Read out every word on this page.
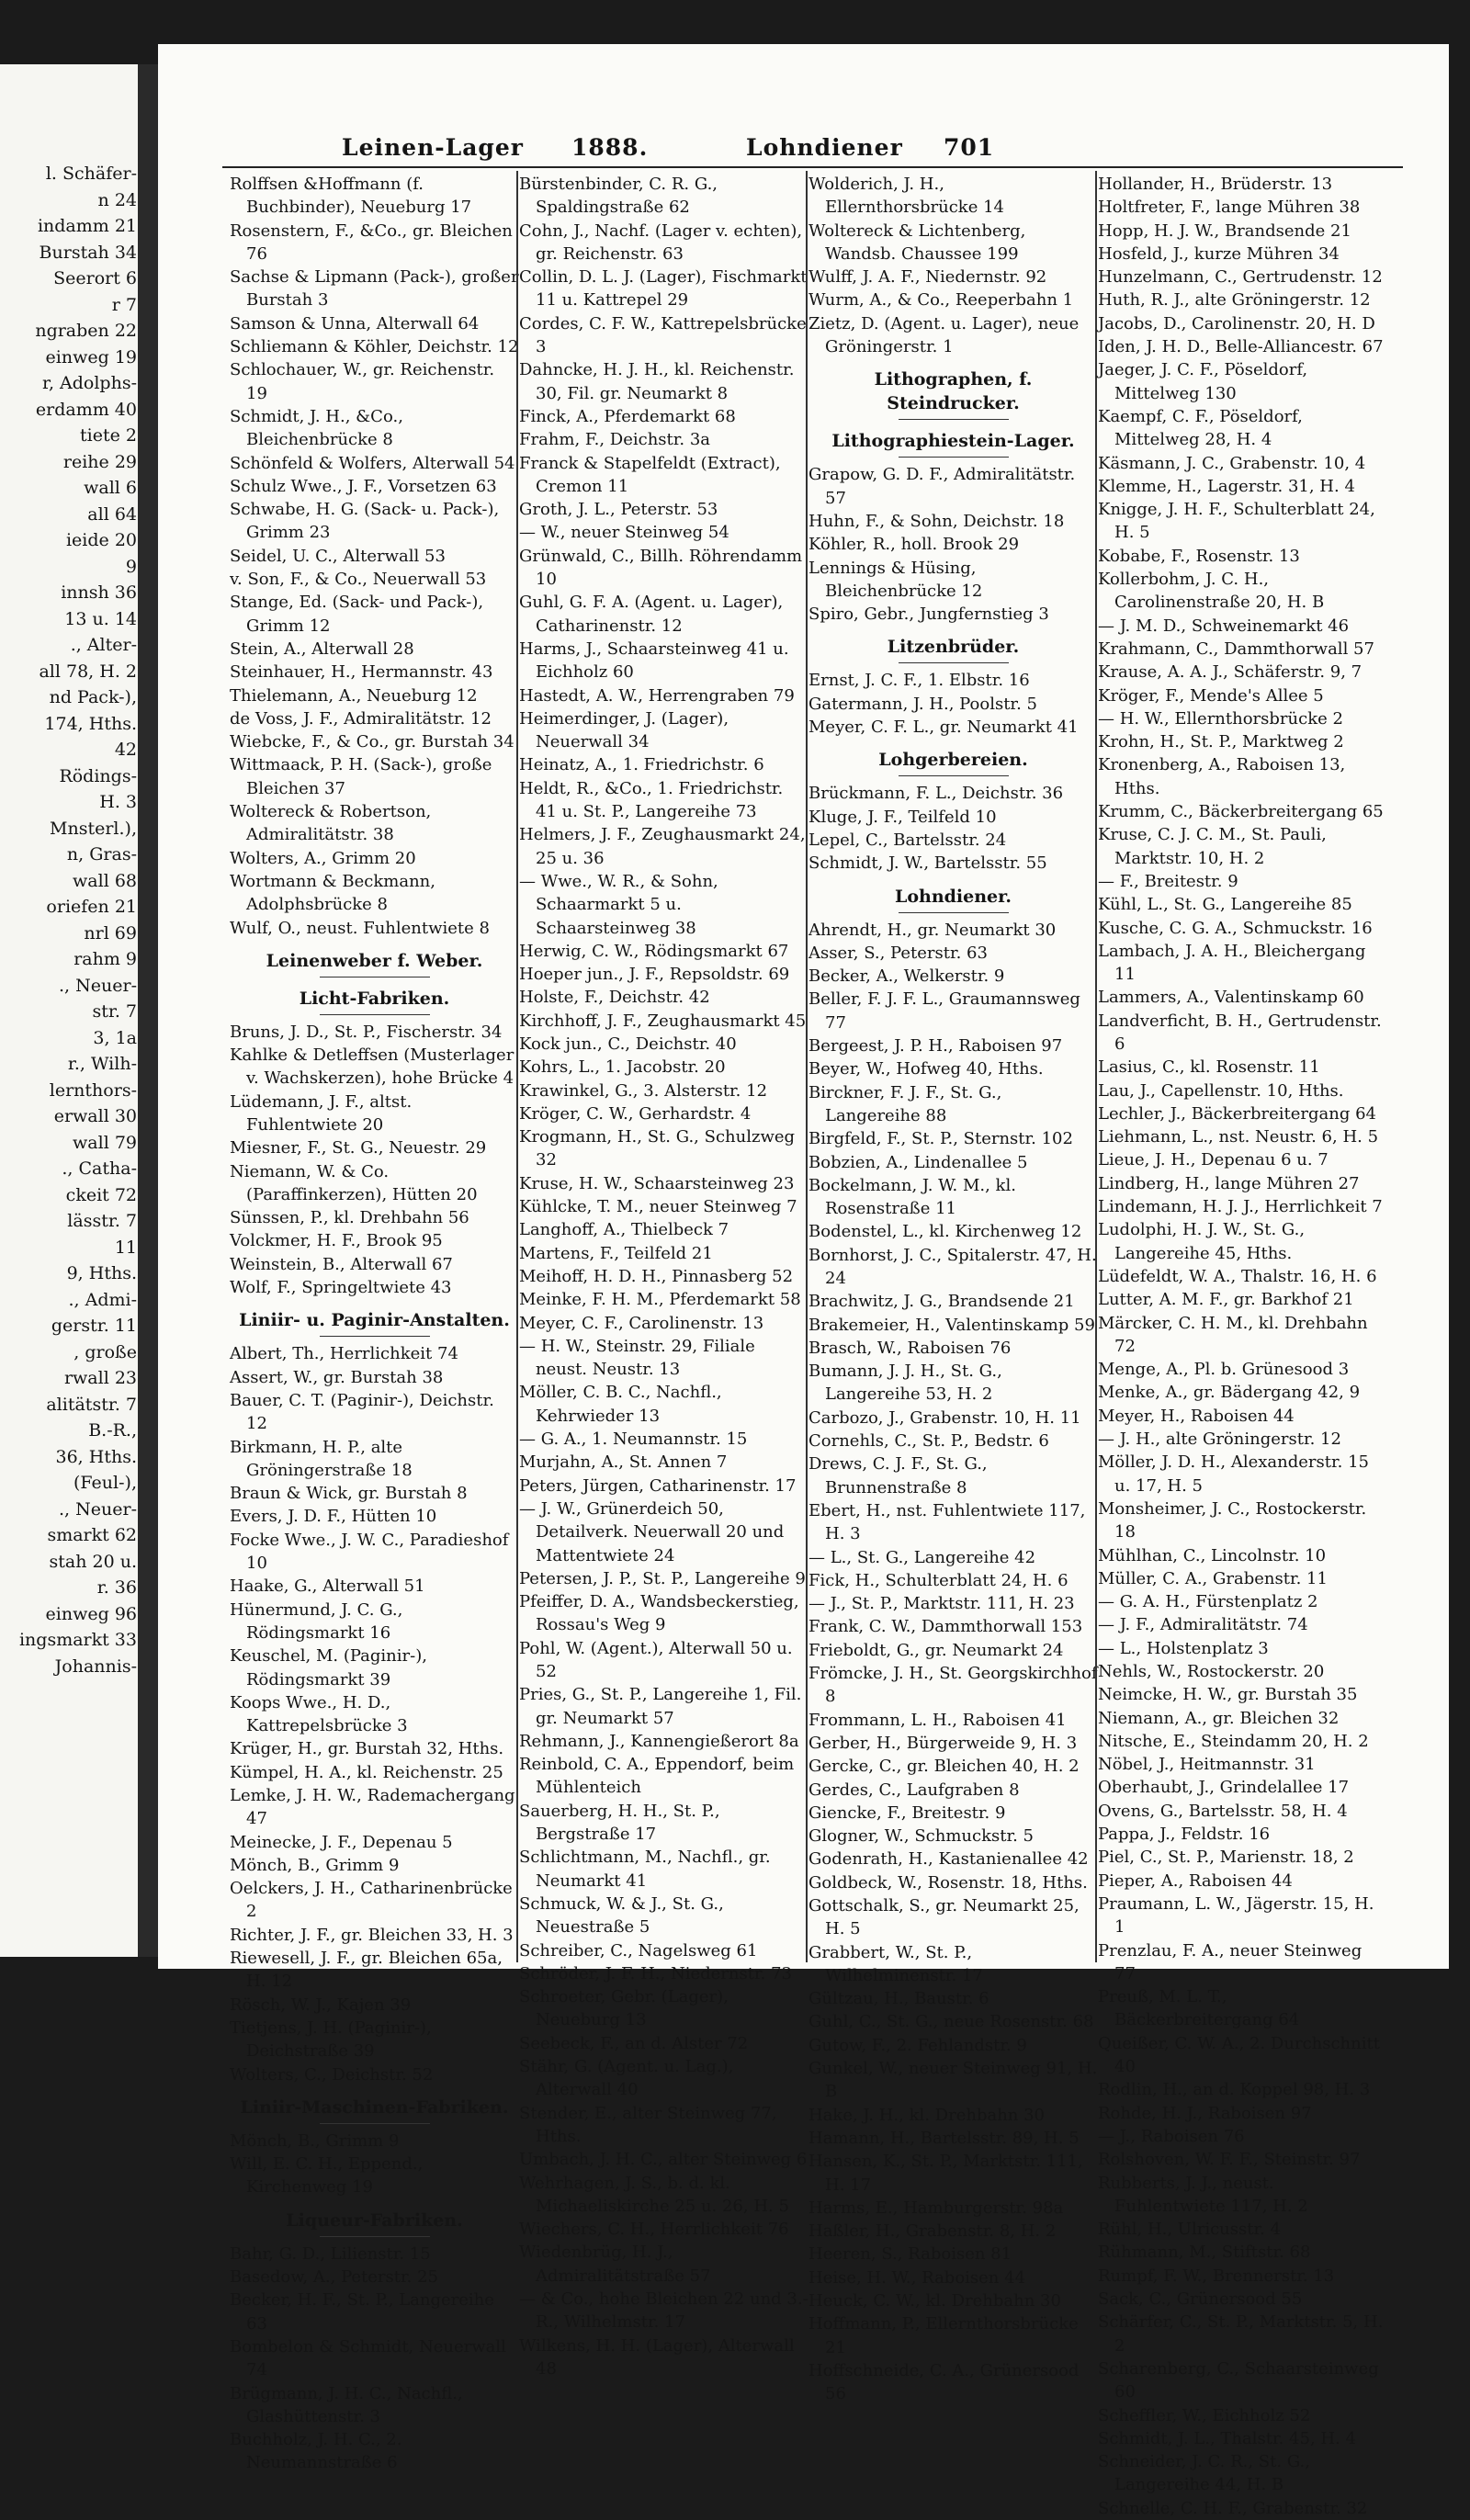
l. Schäfer-
n 24
indamm 21
Burstah 34
Seerort 6
r 7
ngraben 22
einweg 19
r, Adolphs-
erdamm 40
tiete 2
reihe 29
wall 6
all 64
ieide 20
9
innsh 36
13 u. 14
., Alter-
all 78, H. 2
nd Pack-),
174, Hths.
42
Rödings-
H. 3
Mnsterl.),
n, Gras-
wall 68
oriefen 21
nrl 69
rahm 9
., Neuer-
str. 7
3, 1a
r., Wilh-
lernthors-
erwall 30
wall 79
., Catha-
ckeit 72
lässtr. 7
11
9, Hths.
., Admi-
gerstr. 11
, große
rwall 23
alitätstr. 7
B.-R.,
36, Hths.
(Feul-),
., Neuer-
smarkt 62
stah 20 u.
r. 36
einweg 96
ingsmarkt 33
Johannis-
Leinen-Lager 1888.	Lohndiener 701
Rolffsen &Hoffmann (f. Buchbinder), Neueburg 17
Rosenstern, F., &Co., gr. Bleichen 76
Sachse & Lipmann (Pack-), großer Burstah 3
Samson & Unna, Alterwall 64
Schliemann & Köhler, Deichstr. 12
Schlochauer, W., gr. Reichenstr. 19
Schmidt, J. H., &Co., Bleichenbrücke 8
Schönfeld & Wolfers, Alterwall 54
Schulz Wwe., J. F., Vorsetzen 63
Schwabe, H. G. (Sack- u. Pack-), Grimm 23
Seidel, U. C., Alterwall 53
v. Son, F., & Co., Neuerwall 53
Stange, Ed. (Sack- und Pack-), Grimm 12
Stein, A., Alterwall 28
Steinhauer, H., Hermannstr. 43
Thielemann, A., Neueburg 12
de Voss, J. F., Admiralitätstr. 12
Wiebcke, F., & Co., gr. Burstah 34
Wittmaack, P. H. (Sack-), große Bleichen 37
Woltereck & Robertson, Admiralitätstr. 38
Wolters, A., Grimm 20
Wortmann & Beckmann, Adolphsbrücke 8
Wulf, O., neust. Fuhlentwiete 8
Leinenweber f. Weber.
Licht-Fabriken.
Bruns, J. D., St. P., Fischerstr. 34
Kahlke & Detleffsen (Musterlager v. Wachskerzen), hohe Brücke 4
Lüdemann, J. F., altst. Fuhlentwiete 20
Miesner, F., St. G., Neuestr. 29
Niemann, W. & Co. (Paraffinkerzen), Hütten 20
Sünssen, P., kl. Drehbahn 56
Volckmer, H. F., Brook 95
Weinstein, B., Alterwall 67
Wolf, F., Springeltwiete 43
Liniir- u. Paginir-Anstalten.
Albert, Th., Herrlichkeit 74
Assert, W., gr. Burstah 38
Bauer, C. T. (Paginir-), Deichstr. 12
Birkmann, H. P., alte Gröningerstraße 18
Braun & Wick, gr. Burstah 8
Evers, J. D. F., Hütten 10
Focke Wwe., J. W. C., Paradieshof 10
Haake, G., Alterwall 51
Hünermund, J. C. G., Rödingsmarkt 16
Keuschel, M. (Paginir-), Rödingsmarkt 39
Koops Wwe., H. D., Kattrepelsbrücke 3
Krüger, H., gr. Burstah 32, Hths.
Kümpel, H. A., kl. Reichenstr. 25
Lemke, J. H. W., Rademachergang 47
Meinecke, J. F., Depenau 5
Mönch, B., Grimm 9
Oelckers, J. H., Catharinenbrücke 2
Richter, J. F., gr. Bleichen 33, H. 3
Riewesell, J. F., gr. Bleichen 65a, H. 12
Rösch, W. J., Kajen 39
Tietjens, J. H. (Paginir-), Deichstraße 39
Wolters, C., Deichstr. 52
Liniir-Maschinen-Fabriken.
Mönch, B., Grimm 9
Will, E. C. H., Eppend., Kirchenweg 19
Liqueur-Fabriken.
Bahr, G. D., Lilienstr. 15
Basedow, A., Peterstr. 25
Becker, H. F., St. P., Langereihe 63
Bombelon & Schmidt, Neuerwall 74
Brügmann, J. H. C., Nachfl., Glashüttenstr. 3
Buchholz, J. H. C., 2. Neumannstraße 6
Bürstenbinder, C. R. G., Spaldingstraße 62
Cohn, J., Nachf. (Lager v. echten), gr. Reichenstr. 63
Collin, D. L. J. (Lager), Fischmarkt 11 u. Kattrepel 29
Cordes, C. F. W., Kattrepelsbrücke 3
Dahncke, H. J. H., kl. Reichenstr. 30, Fil. gr. Neumarkt 8
Finck, A., Pferdemarkt 68
Frahm, F., Deichstr. 3a
Franck & Stapelfeldt (Extract), Cremon 11
Groth, J. L., Peterstr. 53
— W., neuer Steinweg 54
Grünwald, C., Billh. Röhrendamm 10
Guhl, G. F. A. (Agent. u. Lager), Catharinenstr. 12
Harms, J., Schaarsteinweg 41 u. Eichholz 60
Hastedt, A. W., Herrengraben 79
Heimerdinger, J. (Lager), Neuerwall 34
Heinatz, A., 1. Friedrichstr. 6
Heldt, R., &Co., 1. Friedrichstr. 41 u. St. P., Langereihe 73
Helmers, J. F., Zeughausmarkt 24, 25 u. 36
— Wwe., W. R., & Sohn, Schaarmarkt 5 u. Schaarsteinweg 38
Herwig, C. W., Rödingsmarkt 67
Hoeper jun., J. F., Repsoldstr. 69
Holste, F., Deichstr. 42
Kirchhoff, J. F., Zeughausmarkt 45
Kock jun., C., Deichstr. 40
Kohrs, L., 1. Jacobstr. 20
Krawinkel, G., 3. Alsterstr. 12
Kröger, C. W., Gerhardstr. 4
Krogmann, H., St. G., Schulzweg 32
Kruse, H. W., Schaarsteinweg 23
Kühlcke, T. M., neuer Steinweg 7
Langhoff, A., Thielbeck 7
Martens, F., Teilfeld 21
Meihoff, H. D. H., Pinnasberg 52
Meinke, F. H. M., Pferdemarkt 58
Meyer, C. F., Carolinenstr. 13
— H. W., Steinstr. 29, Filiale neust. Neustr. 13
Möller, C. B. C., Nachfl., Kehrwieder 13
— G. A., 1. Neumannstr. 15
Murjahn, A., St. Annen 7
Peters, Jürgen, Catharinenstr. 17
— J. W., Grünerdeich 50, Detailverk. Neuerwall 20 und Mattentwiete 24
Petersen, J. P., St. P., Langereihe 9
Pfeiffer, D. A., Wandsbeckerstieg, Rossau's Weg 9
Pohl, W. (Agent.), Alterwall 50 u. 52
Pries, G., St. P., Langereihe 1, Fil. gr. Neumarkt 57
Rehmann, J., Kannengießerort 8a
Reinbold, C. A., Eppendorf, beim Mühlenteich
Sauerberg, H. H., St. P., Bergstraße 17
Schlichtmann, M., Nachfl., gr. Neumarkt 41
Schmuck, W. & J., St. G., Neuestraße 5
Schreiber, C., Nagelsweg 61
Schröder, J. F. H., Niedernstr. 73
Schroeter, Gebr. (Lager), Neueburg 13
Seebeck, F., an d. Alster 72
Stähr, G. (Agent. u. Lag.), Alterwall 40
Stender, E., alter Steinweg 77, Hths.
Umbach, J. H. C., alter Steinweg 6
Wehrhagen, J. S., b. d. kl. Michaeliskirche 25 u. 26, H. 5
Wiechers, C. H., Herrlichkeit 76
Wiedenbrüg, H. J., Admiralitätstraße 57
— & Co., hohe Bleichen 22 und 3.-R., Wilhelmstr. 17
Wilkens, H. H. (Lager), Alterwall 48
Wolderich, J. H., Ellernthorsbrücke 14
Woltereck & Lichtenberg, Wandsb. Chaussee 199
Wulff, J. A. F., Niedernstr. 92
Wurm, A., & Co., Reeperbahn 1
Zietz, D. (Agent. u. Lager), neue Gröningerstr. 1
Lithographen, f. Steindrucker.
Lithographiestein-Lager.
Grapow, G. D. F., Admiralitätstr. 57
Huhn, F., & Sohn, Deichstr. 18
Köhler, R., holl. Brook 29
Lennings & Hüsing, Bleichenbrücke 12
Spiro, Gebr., Jungfernstieg 3
Litzenbrüder.
Ernst, J. C. F., 1. Elbstr. 16
Gatermann, J. H., Poolstr. 5
Meyer, C. F. L., gr. Neumarkt 41
Lohgerbereien.
Brückmann, F. L., Deichstr. 36
Kluge, J. F., Teilfeld 10
Lepel, C., Bartelsstr. 24
Schmidt, J. W., Bartelsstr. 55
Lohndiener.
Ahrendt, H., gr. Neumarkt 30
Asser, S., Peterstr. 63
Becker, A., Welkerstr. 9
Beller, F. J. F. L., Graumannsweg 77
Bergeest, J. P. H., Raboisen 97
Beyer, W., Hofweg 40, Hths.
Birckner, F. J. F., St. G., Langereihe 88
Birgfeld, F., St. P., Sternstr. 102
Bobzien, A., Lindenallee 5
Bockelmann, J. W. M., kl. Rosenstraße 11
Bodenstel, L., kl. Kirchenweg 12
Bornhorst, J. C., Spitalerstr. 47, H. 24
Brachwitz, J. G., Brandsende 21
Brakemeier, H., Valentinskamp 59
Brasch, W., Raboisen 76
Bumann, J. J. H., St. G., Langereihe 53, H. 2
Carbozo, J., Grabenstr. 10, H. 11
Cornehls, C., St. P., Bedstr. 6
Drews, C. J. F., St. G., Brunnenstraße 8
Ebert, H., nst. Fuhlentwiete 117, H. 3
— L., St. G., Langereihe 42
Fick, H., Schulterblatt 24, H. 6
— J., St. P., Marktstr. 111, H. 23
Frank, C. W., Dammthorwall 153
Frieboldt, G., gr. Neumarkt 24
Frömcke, J. H., St. Georgskirchhof 8
Frommann, L. H., Raboisen 41
Gerber, H., Bürgerweide 9, H. 3
Gercke, C., gr. Bleichen 40, H. 2
Gerdes, C., Laufgraben 8
Giencke, F., Breitestr. 9
Glogner, W., Schmuckstr. 5
Godenrath, H., Kastanienallee 42
Goldbeck, W., Rosenstr. 18, Hths.
Gottschalk, S., gr. Neumarkt 25, H. 5
Grabbert, W., St. P., Wilhelminenstr. 17
Gültzau, H., Baustr. 6
Guhl, C., St. G., neue Rosenstr. 68
Gutow, F., 2. Fehlandstr. 9
Gunkel, W., neuer Steinweg 91, H. B
Hake, J. H., kl. Drehbahn 30
Hamann, H., Bartelsstr. 89, H. 5
Hansen, K., St. P., Marktstr. 111, H. 17
Harms, E., Hamburgerstr. 98a
Haßler, H., Grabenstr. 8, H. 2
Heeren, S., Raboisen 81
Heise, H. W., Raboisen 44
Heuck, C. W., kl. Drehbahn 30
Hoffmann, P., Ellernthorsbrücke 21
Hoffschneide, C. A., Grünersood 56
Hollander, H., Brüderstr. 13
Holtfreter, F., lange Mühren 38
Hopp, H. J. W., Brandsende 21
Hosfeld, J., kurze Mühren 34
Hunzelmann, C., Gertrudenstr. 12
Huth, R. J., alte Gröningerstr. 12
Jacobs, D., Carolinenstr. 20, H. D
Iden, J. H. D., Belle-Alliancestr. 67
Jaeger, J. C. F., Pöseldorf, Mittelweg 130
Kaempf, C. F., Pöseldorf, Mittelweg 28, H. 4
Käsmann, J. C., Grabenstr. 10, 4
Klemme, H., Lagerstr. 31, H. 4
Knigge, J. H. F., Schulterblatt 24, H. 5
Kobabe, F., Rosenstr. 13
Kollerbohm, J. C. H., Carolinenstraße 20, H. B
— J. M. D., Schweinemarkt 46
Krahmann, C., Dammthorwall 57
Krause, A. A. J., Schäferstr. 9, 7
Kröger, F., Mende's Allee 5
— H. W., Ellernthorsbrücke 2
Krohn, H., St. P., Marktweg 2
Kronenberg, A., Raboisen 13, Hths.
Krumm, C., Bäckerbreitergang 65
Kruse, C. J. C. M., St. Pauli, Marktstr. 10, H. 2
— F., Breitestr. 9
Kühl, L., St. G., Langereihe 85
Kusche, C. G. A., Schmuckstr. 16
Lambach, J. A. H., Bleichergang 11
Lammers, A., Valentinskamp 60
Landverficht, B. H., Gertrudenstr. 6
Lasius, C., kl. Rosenstr. 11
Lau, J., Capellenstr. 10, Hths.
Lechler, J., Bäckerbreitergang 64
Liehmann, L., nst. Neustr. 6, H. 5
Lieue, J. H., Depenau 6 u. 7
Lindberg, H., lange Mühren 27
Lindemann, H. J. J., Herrlichkeit 7
Ludolphi, H. J. W., St. G., Langereihe 45, Hths.
Lüdefeldt, W. A., Thalstr. 16, H. 6
Lutter, A. M. F., gr. Barkhof 21
Märcker, C. H. M., kl. Drehbahn 72
Menge, A., Pl. b. Grünesood 3
Menke, A., gr. Bädergang 42, 9
Meyer, H., Raboisen 44
— J. H., alte Gröningerstr. 12
Möller, J. D. H., Alexanderstr. 15 u. 17, H. 5
Monsheimer, J. C., Rostockerstr. 18
Mühlhan, C., Lincolnstr. 10
Müller, C. A., Grabenstr. 11
— G. A. H., Fürstenplatz 2
— J. F., Admiralitätstr. 74
— L., Holstenplatz 3
Nehls, W., Rostockerstr. 20
Neimcke, H. W., gr. Burstah 35
Niemann, A., gr. Bleichen 32
Nitsche, E., Steindamm 20, H. 2
Nöbel, J., Heitmannstr. 31
Oberhaubt, J., Grindelallee 17
Ovens, G., Bartelsstr. 58, H. 4
Pappa, J., Feldstr. 16
Piel, C., St. P., Marienstr. 18, 2
Pieper, A., Raboisen 44
Praumann, L. W., Jägerstr. 15, H. 1
Prenzlau, F. A., neuer Steinweg 77
Preuß, M. L. T., Bäckerbreitergang 64
Queißer, C. W. A., 2. Durchschnitt 40
Rodlin, H., an d. Koppel 98, H. 3
Rohde, H. J., Raboisen 97
— J., Raboisen 76
Rolshoven, W. F. F., Steinstr. 97
Rubberts, J. J., neust. Fuhlentwiete 117, H. 2
Rühl, H., Ulricusstr. 4
Rühmann, M., Stiftstr. 68
Rumpf, F. W., Brennerstr. 13
Sack, C., Grünersood 55
Schärfer, C., St. P., Marktstr. 5, H. 2
Scharenberg, C., Schaarsteinweg 60
Scheffler, W., Eichholz 52
Schmidt, J. L., Thalstr. 45, H. 4
Schneider, J. C. R., St. G., Langereihe 44, H. B
Schnelle, C. H. F., Grabenstr. 32
